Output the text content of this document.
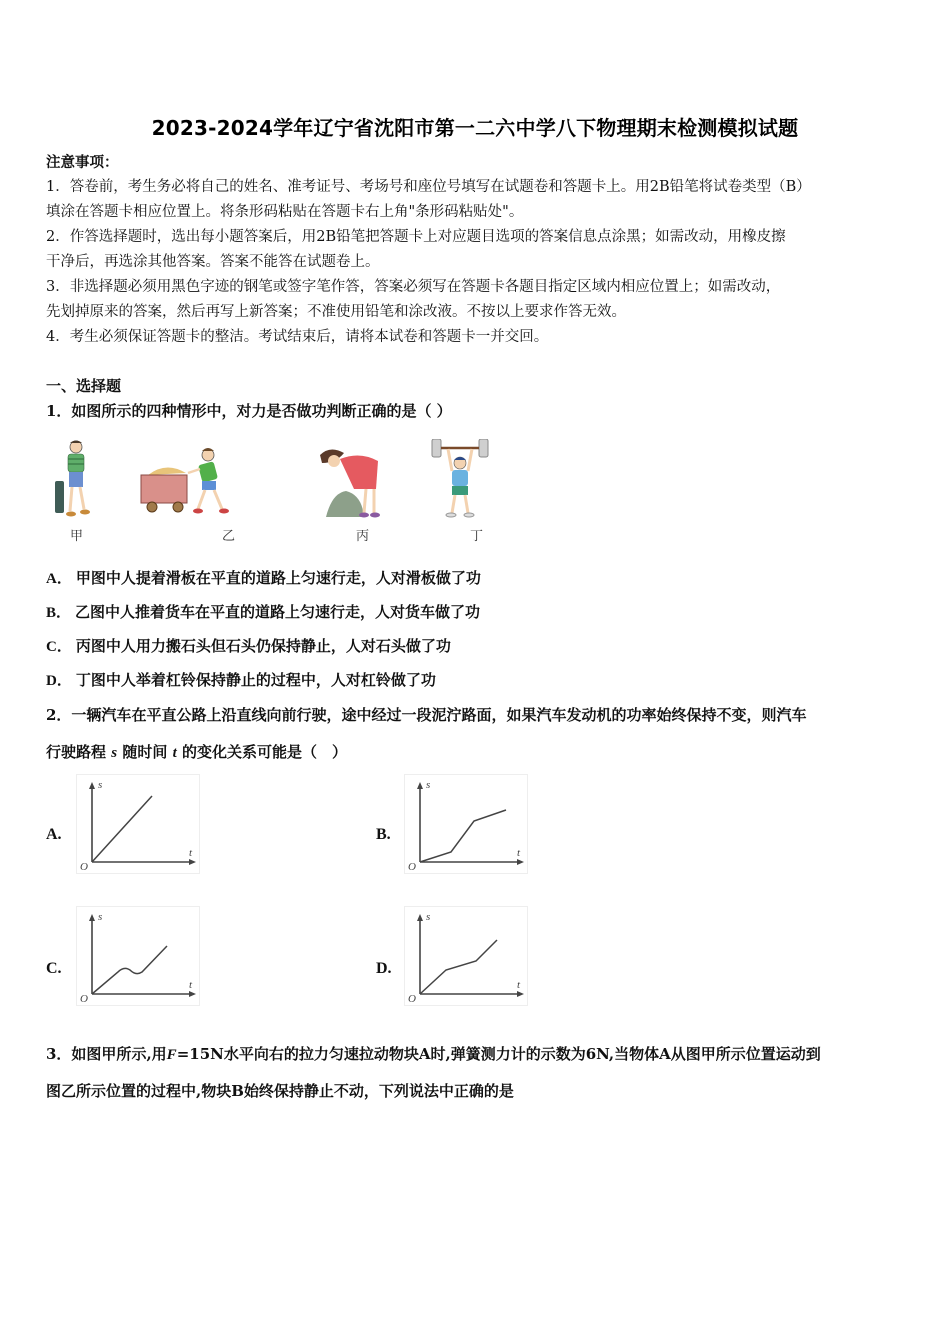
2023-2024学年辽宁省沈阳市第一二六中学八下物理期末检测模拟试题
注意事项：
1．答卷前，考生务必将自己的姓名、准考证号、考场号和座位号填写在试题卷和答题卡上。用2B铅笔将试卷类型（B）
填涂在答题卡相应位置上。将条形码粘贴在答题卡右上角"条形码粘贴处"。
2．作答选择题时，选出每小题答案后，用2B铅笔把答题卡上对应题目选项的答案信息点涂黑；如需改动，用橡皮擦
干净后，再选涂其他答案。答案不能答在试题卷上。
3．非选择题必须用黑色字迹的钢笔或签字笔作答，答案必须写在答题卡各题目指定区域内相应位置上；如需改动，
先划掉原来的答案，然后再写上新答案；不准使用铅笔和涂改液。不按以上要求作答无效。
4．考生必须保证答题卡的整洁。考试结束后，请将本试卷和答题卡一并交回。
一、选择题
1．如图所示的四种情形中，对力是否做功判断正确的是（ ）
甲	乙	丙	丁
A． 甲图中人提着滑板在平直的道路上匀速行走，人对滑板做了功
B． 乙图中人推着货车在平直的道路上匀速行走，人对货车做了功
C． 丙图中人用力搬石头但石头仍保持静止，人对石头做了功
D． 丁图中人举着杠铃保持静止的过程中，人对杠铃做了功
2．一辆汽车在平直公路上沿直线向前行驶，途中经过一段泥泞路面，如果汽车发动机的功率始终保持不变，则汽车
行驶路程 s 随时间 t 的变化关系可能是（　）
A.
s
t
O
B.
s
t
O
C.
s
t
O
D.
s
t
O
3．如图甲所示,用F=15N水平向右的拉力匀速拉动物块A时,弹簧测力计的示数为6N,当物体A从图甲所示位置运动到
图乙所示位置的过程中,物块B始终保持静止不动，下列说法中正确的是
